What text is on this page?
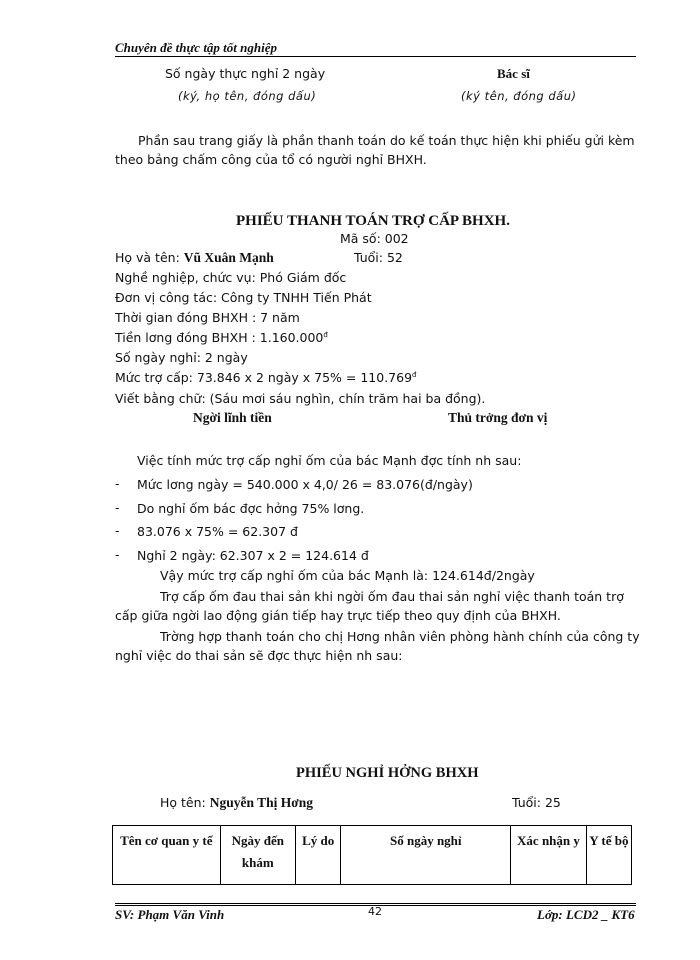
Chuyên đề thực tập tốt nghiệp
Số ngày thực nghỉ 2 ngày
(ký, họ tên, đóng dấu)
Bác sĩ
(ký tên, đóng dấu)
Phần sau trang giấy là phần thanh toán do kế toán thực hiện khi phiếu gửi kèm theo bảng chấm công của tổ có người nghỉ BHXH.
PHIẾU THANH TOÁN TRỢ CẤP BHXH.
Mã số: 002
Họ và tên: Vũ Xuân Mạnh	Tuổi: 52
Nghề nghiệp, chức vụ: Phó Giám đốc
Đơn vị công tác: Công ty TNHH Tiến Phát
Thời gian đóng BHXH : 7 năm
Tiền lơng đóng BHXH : $1.160.000^đ$
Số ngày nghỉ: 2 ngày
Mức trợ cấp: 73.846 x 2 ngày x $75\% = 110.769^đ$
Viết bằng chữ: (Sáu mơi sáu nghìn, chín trăm hai ba đồng).
Ngời lĩnh tiền	Thủ trởng đơn vị
Việc tính mức trợ cấp nghỉ ốm của bác Mạnh đợc tính nh sau:
- Mức lơng ngày = 540.000 x 4,0/ 26 = 83.076(đ/ngày)
- Do nghỉ ốm bác đợc hởng 75% lơng.
- 83.076 x 75% = 62.307 đ
- Nghỉ 2 ngày: 62.307 x 2 = 124.614 đ
Vậy mức trợ cấp nghỉ ốm của bác Mạnh là: 124.614đ/2ngày
Trợ cấp ốm đau thai sản khi ngời ốm đau thai sản nghỉ việc thanh toán trợ cấp giữa ngời lao động gián tiếp hay trực tiếp theo quy định của BHXH.
Trờng hợp thanh toán cho chị Hơng nhân viên phòng hành chính của công ty nghỉ việc do thai sản sẽ đợc thực hiện nh sau:
PHIẾU NGHỈ HỞNG BHXH
Họ tên: Nguyễn Thị Hơng	Tuổi: 25
Tên cơ quan y tế	Ngày đến khám	Lý do	Số ngày nghỉ	Xác nhận y	Y tế bộ
SV: Phạm Văn Vinh	42	Lớp: LCD2 _ KT6
